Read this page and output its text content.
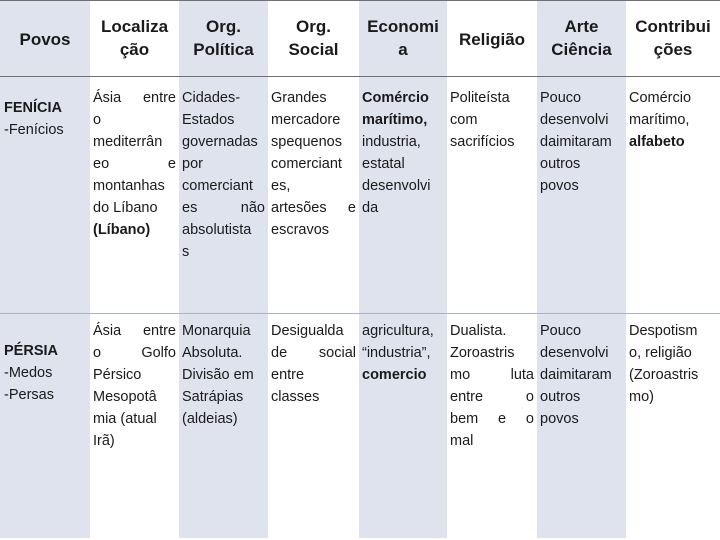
Povos
Localiza
ção
Org.
Política
Org.
Social
Economi
a
Religião
Arte
Ciência
Contribui
ções
FENÍCIA
-Fenícios
Ásia entre
o
mediterrân
eo e
montanhas
do Líbano
(Líbano)
Cidades-
Estados
governadas
por
comerciant
es não
absolutista
s
Grandes
mercadore
spequenos
comerciant
es,
artesões e
escravos
Comércio
marítimo,
industria,
estatal
desenvolvi
da
Politeísta
com
sacrifícios
Pouco
desenvolvi
daimitaram
outros
povos
Comércio
marítimo,
alfabeto
PÉRSIA
-Medos
-Persas
Ásia entre
o Golfo
Pérsico
Mesopotâ
mia (atual
Irã)
Monarquia
Absoluta.
Divisão em
Satrápias
(aldeias)
Desigualda
de social
entre
classes
agricultura,
“industria”,
comercio
Dualista.
Zoroastris
mo luta
entre o
bem e o
mal
Pouco
desenvolvi
daimitaram
outros
povos
Despotism
o, religião
(Zoroastris
mo)
